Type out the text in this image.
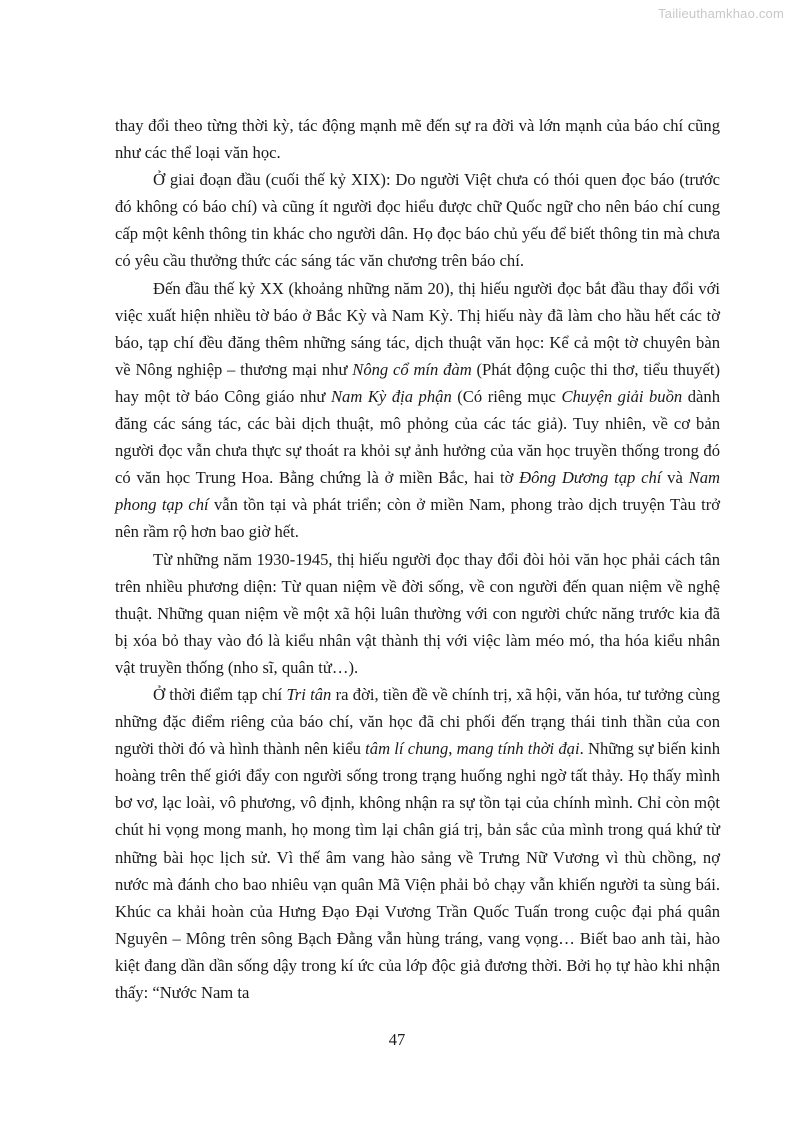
Tailieuthamkhao.com

thay đổi theo từng thời kỳ, tác động mạnh mẽ đến sự ra đời và lớn mạnh của báo chí cũng như các thể loại văn học.

Ở giai đoạn đầu (cuối thế kỷ XIX): Do người Việt chưa có thói quen đọc báo (trước đó không có báo chí) và cũng ít người đọc hiểu được chữ Quốc ngữ cho nên báo chí cung cấp một kênh thông tin khác cho người dân. Họ đọc báo chủ yếu để biết thông tin mà chưa có yêu cầu thưởng thức các sáng tác văn chương trên báo chí.

Đến đầu thế kỷ XX (khoảng những năm 20), thị hiếu người đọc bắt đầu thay đổi với việc xuất hiện nhiều tờ báo ở Bắc Kỳ và Nam Kỳ. Thị hiếu này đã làm cho hầu hết các tờ báo, tạp chí đều đăng thêm những sáng tác, dịch thuật văn học: Kể cả một tờ chuyên bàn về Nông nghiệp – thương mại như Nông cổ mín đàm (Phát động cuộc thi thơ, tiểu thuyết) hay một tờ báo Công giáo như Nam Kỳ địa phận (Có riêng mục Chuyện giải buồn dành đăng các sáng tác, các bài dịch thuật, mô phỏng của các tác giả). Tuy nhiên, về cơ bản người đọc vẫn chưa thực sự thoát ra khỏi sự ảnh hưởng của văn học truyền thống trong đó có văn học Trung Hoa. Bằng chứng là ở miền Bắc, hai tờ Đông Dương tạp chí và Nam phong tạp chí vẫn tồn tại và phát triển; còn ở miền Nam, phong trào dịch truyện Tàu trở nên rầm rộ hơn bao giờ hết.

Từ những năm 1930-1945, thị hiếu người đọc thay đổi đòi hỏi văn học phải cách tân trên nhiều phương diện: Từ quan niệm về đời sống, về con người đến quan niệm về nghệ thuật. Những quan niệm về một xã hội luân thường với con người chức năng trước kia đã bị xóa bỏ thay vào đó là kiểu nhân vật thành thị với việc làm méo mó, tha hóa kiểu nhân vật truyền thống (nho sĩ, quân tử…).

Ở thời điểm tạp chí Tri tân ra đời, tiền đề về chính trị, xã hội, văn hóa, tư tưởng cùng những đặc điểm riêng của báo chí, văn học đã chi phối đến trạng thái tinh thần của con người thời đó và hình thành nên kiểu tâm lí chung, mang tính thời đại. Những sự biến kinh hoàng trên thế giới đẩy con người sống trong trạng huống nghi ngờ tất thảy. Họ thấy mình bơ vơ, lạc loài, vô phương, vô định, không nhận ra sự tồn tại của chính mình. Chỉ còn một chút hi vọng mong manh, họ mong tìm lại chân giá trị, bản sắc của mình trong quá khứ từ những bài học lịch sử. Vì thế âm vang hào sảng về Trưng Nữ Vương vì thù chồng, nợ nước mà đánh cho bao nhiêu vạn quân Mã Viện phải bỏ chạy vẫn khiến người ta sùng bái. Khúc ca khải hoàn của Hưng Đạo Đại Vương Trần Quốc Tuấn trong cuộc đại phá quân Nguyên – Mông trên sông Bạch Đằng vẫn hùng tráng, vang vọng… Biết bao anh tài, hào kiệt đang dần dần sống dậy trong kí ức của lớp độc giả đương thời. Bởi họ tự hào khi nhận thấy: “Nước Nam ta

47
